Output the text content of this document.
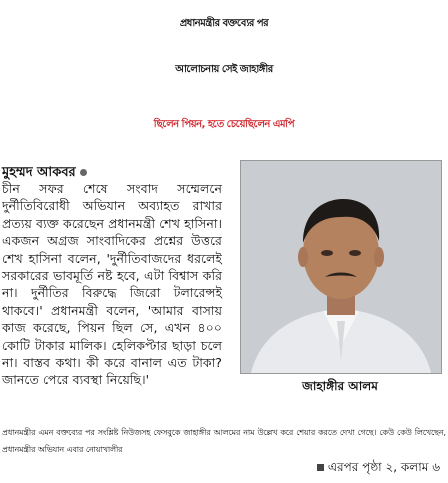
প্রধানমন্ত্রীর বক্তব্যের পর
আলোচনায় সেই জাহাঙ্গীর
ছিলেন পিয়ন, হতে চেয়েছিলেন এমপি
মুহম্মদ আকবর

চীন সফর শেষে সংবাদ সম্মেলনে দুর্নীতিবিরোধী অভিযান অব্যাহত রাখার প্রত্যয় ব্যক্ত করেছেন প্রধানমন্ত্রী শেখ হাসিনা। একজন অগ্রজ সাংবাদিকের প্রশ্নের উত্তরে শেখ হাসিনা বলেন, 'দুর্নীতিবাজদের ধরলেই সরকারের ভাবমূর্তি নষ্ট হবে, এটা বিশ্বাস করি না। দুর্নীতির বিরুদ্ধে জিরো টলারেন্সই থাকবে।' প্রধানমন্ত্রী বলেন, 'আমার বাসায় কাজ করেছে, পিয়ন ছিল সে, এখন ৪০০ কোটি টাকার মালিক। হেলিকপ্টার ছাড়া চলে না। বাস্তব কথা। কী করে বানাল এত টাকা? জানতে পেরে ব্যবস্থা নিয়েছি।'	জাহাঙ্গীর আলম

প্রধানমন্ত্রীর এমন বক্তব্যের পর সংশ্লিষ্ট নিউজসহ ফেসবুকে জাহাঙ্গীর আলমের নাম উল্লেখ করে শেয়ার করতে দেখা গেছে। কেউ কেউ লিখেছেন, প্রধানমন্ত্রীর অভিযান এবার নোয়াখালীর

এরপর পৃষ্ঠা ২, কলাম ৬
